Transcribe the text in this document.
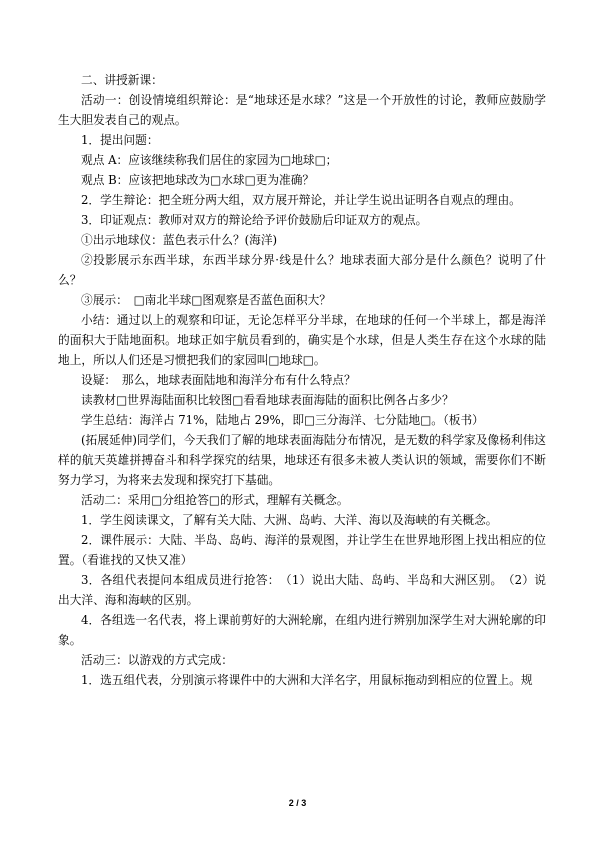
二、讲授新课：

活动一：创设情境组织辩论：是“地球还是水球？”这是一个开放性的讨论，教师应鼓励学生大胆发表自己的观点。

1．提出问题：

观点 A：应该继续称我们居住的家园为□地球□；

观点 B：应该把地球改为□水球□更为准确？

2．学生辩论：把全班分两大组，双方展开辩论，并让学生说出证明各自观点的理由。

3．印证观点：教师对双方的辩论给予评价鼓励后印证双方的观点。

①出示地球仪：蓝色表示什么？(海洋)

②投影展示东西半球，东西半球分界·线是什么？地球表面大部分是什么颜色？说明了什么？

③展示：　□南北半球□图观察是否蓝色面积大？

小结：通过以上的观察和印证，无论怎样平分半球，在地球的任何一个半球上，都是海洋的面积大于陆地面积。地球正如宇航员看到的，确实是个水球，但是人类生存在这个水球的陆地上，所以人们还是习惯把我们的家园叫□地球□。

设疑：　那么，地球表面陆地和海洋分布有什么特点？

读教材□世界海陆面积比较图□看看地球表面海陆的面积比例各占多少？

学生总结：海洋占 71%，陆地占 29%，即□三分海洋、七分陆地□。（板书）

(拓展延伸)同学们，今天我们了解的地球表面海陆分布情况，是无数的科学家及像杨利伟这样的航天英雄拼搏奋斗和科学探究的结果，地球还有很多未被人类认识的领域，需要你们不断努力学习，为将来去发现和探究打下基础。

活动二：采用□分组抢答□的形式，理解有关概念。

1．学生阅读课文，了解有关大陆、大洲、岛屿、大洋、海以及海峡的有关概念。

2．课件展示：大陆、半岛、岛屿、海洋的景观图，并让学生在世界地形图上找出相应的位置。（看谁找的又快又准）

3．各组代表提问本组成员进行抢答：　（1）说出大陆、岛屿、半岛和大洲区别。　（2）说出大洋、海和海峡的区别。

4．各组选一名代表，将上课前剪好的大洲轮廓，在组内进行辨别加深学生对大洲轮廓的印象。

活动三：以游戏的方式完成：

1．选五组代表，分别演示将课件中的大洲和大洋名字，用鼠标拖动到相应的位置上。规

2 / 3
